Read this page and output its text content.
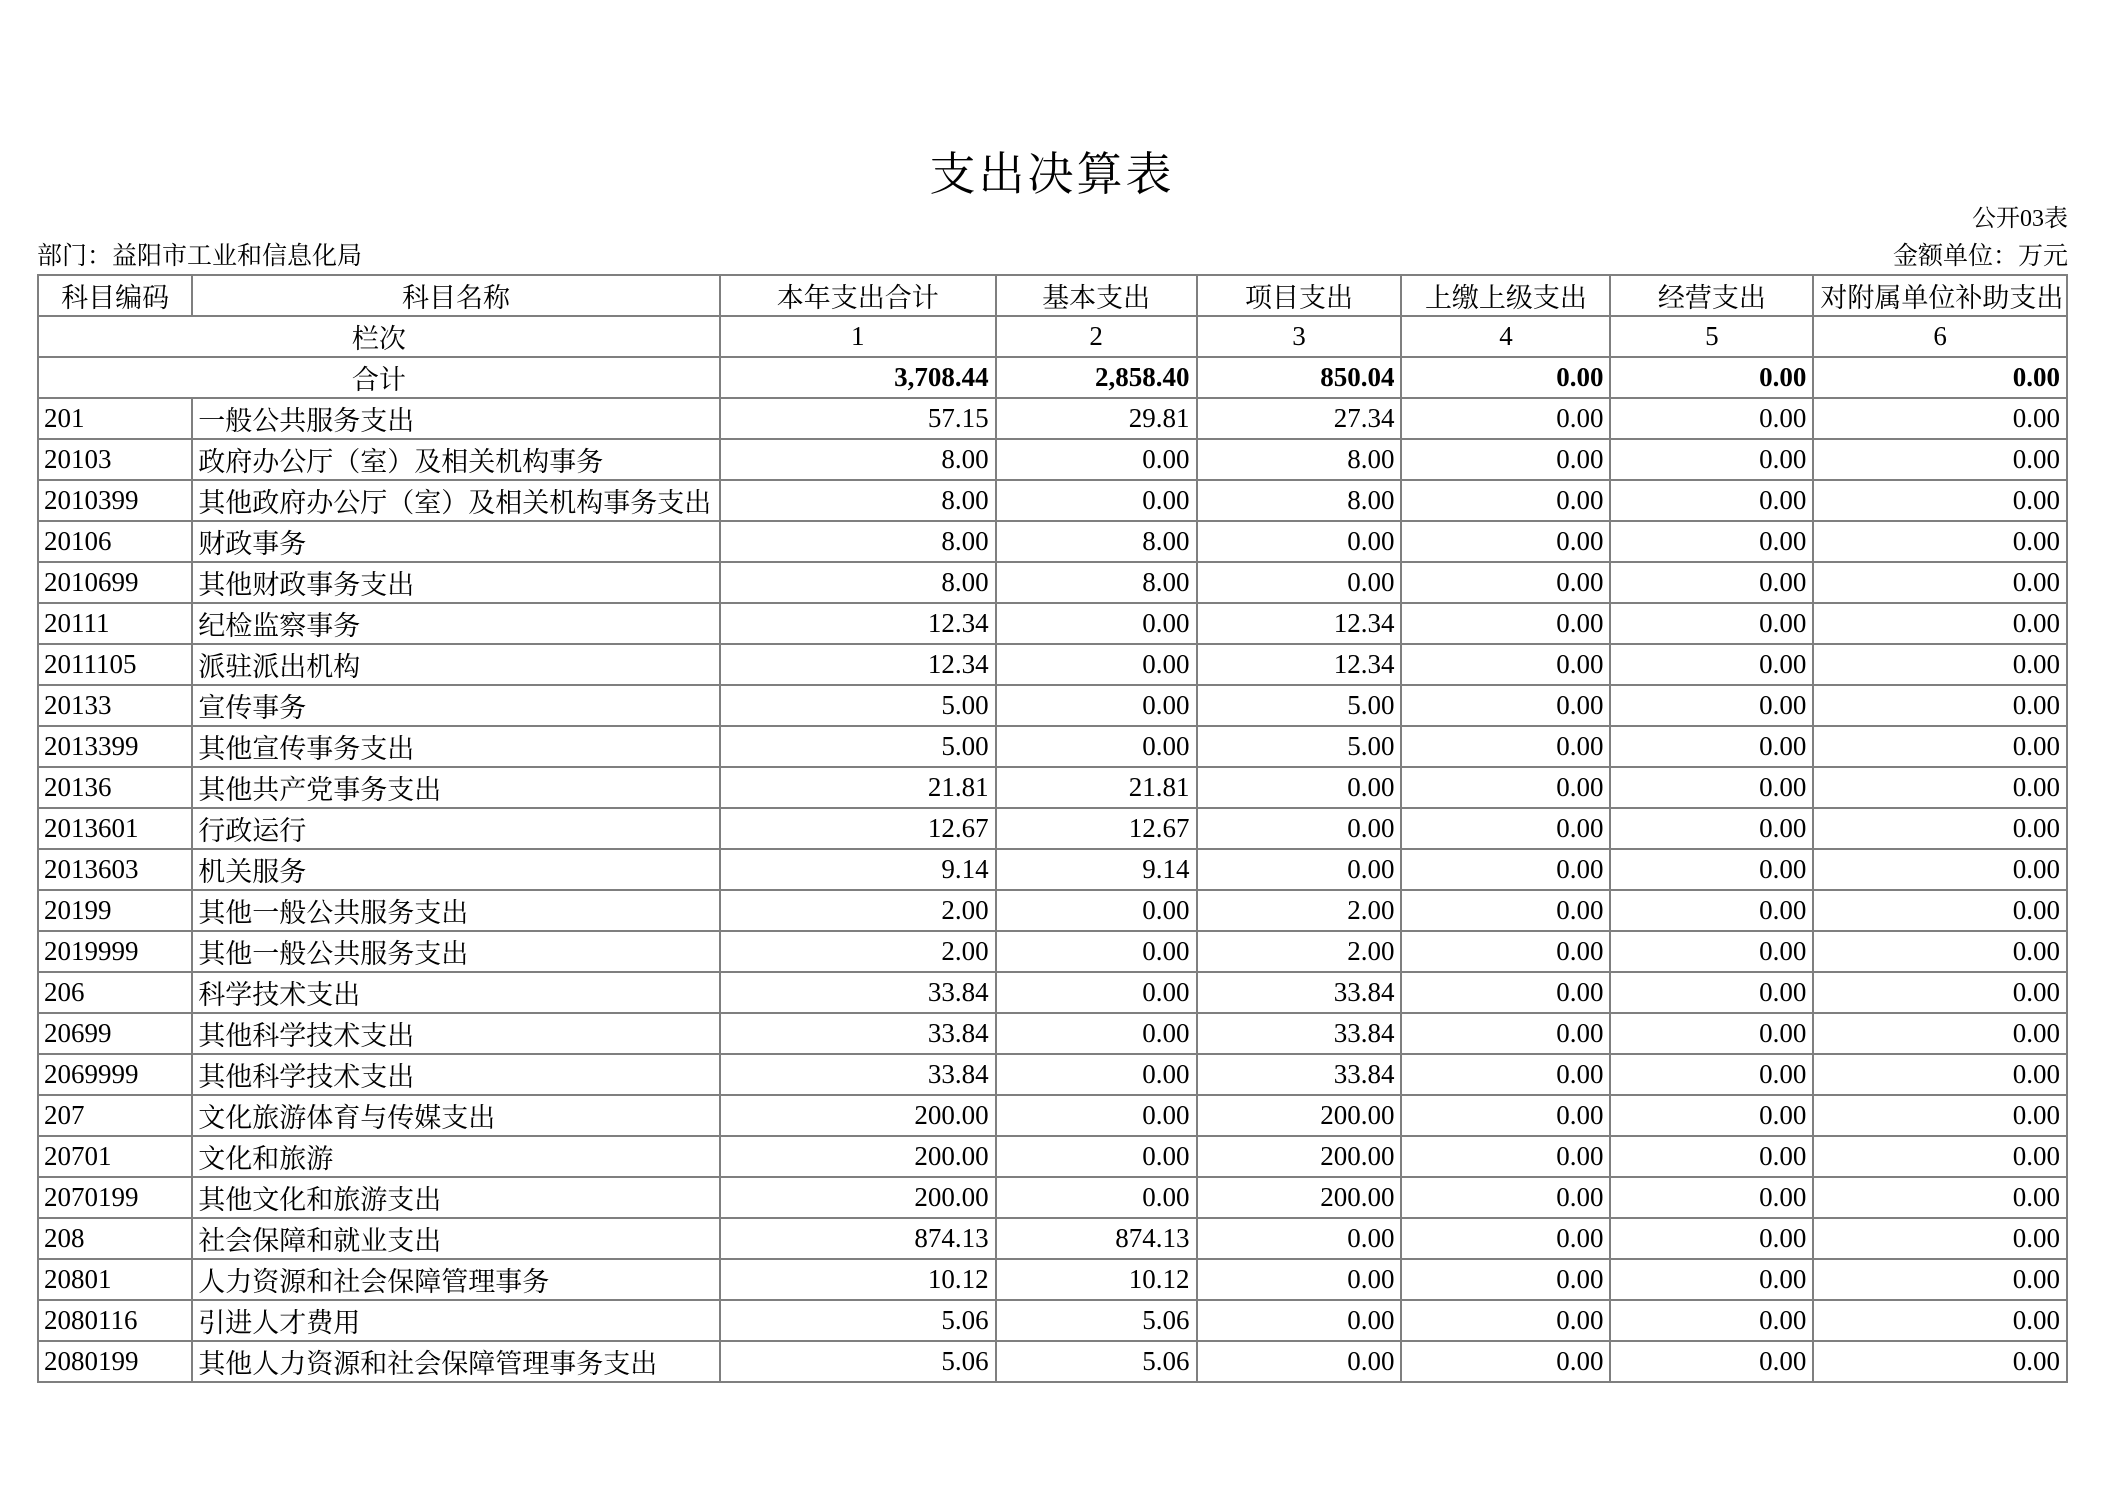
支出决算表
公开03表
部门：益阳市工业和信息化局	金额单位：万元
科目编码	科目名称	本年支出合计	基本支出	项目支出	上缴上级支出	经营支出	对附属单位补助支出
栏次		1	2	3	4	5	6
合计		3,708.44	2,858.40	850.04	0.00	0.00	0.00
201	一般公共服务支出	57.15	29.81	27.34	0.00	0.00	0.00
20103	政府办公厅（室）及相关机构事务	8.00	0.00	8.00	0.00	0.00	0.00
2010399	其他政府办公厅（室）及相关机构事务支出	8.00	0.00	8.00	0.00	0.00	0.00
20106	财政事务	8.00	8.00	0.00	0.00	0.00	0.00
2010699	其他财政事务支出	8.00	8.00	0.00	0.00	0.00	0.00
20111	纪检监察事务	12.34	0.00	12.34	0.00	0.00	0.00
2011105	派驻派出机构	12.34	0.00	12.34	0.00	0.00	0.00
20133	宣传事务	5.00	0.00	5.00	0.00	0.00	0.00
2013399	其他宣传事务支出	5.00	0.00	5.00	0.00	0.00	0.00
20136	其他共产党事务支出	21.81	21.81	0.00	0.00	0.00	0.00
2013601	行政运行	12.67	12.67	0.00	0.00	0.00	0.00
2013603	机关服务	9.14	9.14	0.00	0.00	0.00	0.00
20199	其他一般公共服务支出	2.00	0.00	2.00	0.00	0.00	0.00
2019999	其他一般公共服务支出	2.00	0.00	2.00	0.00	0.00	0.00
206	科学技术支出	33.84	0.00	33.84	0.00	0.00	0.00
20699	其他科学技术支出	33.84	0.00	33.84	0.00	0.00	0.00
2069999	其他科学技术支出	33.84	0.00	33.84	0.00	0.00	0.00
207	文化旅游体育与传媒支出	200.00	0.00	200.00	0.00	0.00	0.00
20701	文化和旅游	200.00	0.00	200.00	0.00	0.00	0.00
2070199	其他文化和旅游支出	200.00	0.00	200.00	0.00	0.00	0.00
208	社会保障和就业支出	874.13	874.13	0.00	0.00	0.00	0.00
20801	人力资源和社会保障管理事务	10.12	10.12	0.00	0.00	0.00	0.00
2080116	引进人才费用	5.06	5.06	0.00	0.00	0.00	0.00
2080199	其他人力资源和社会保障管理事务支出	5.06	5.06	0.00	0.00	0.00	0.00
